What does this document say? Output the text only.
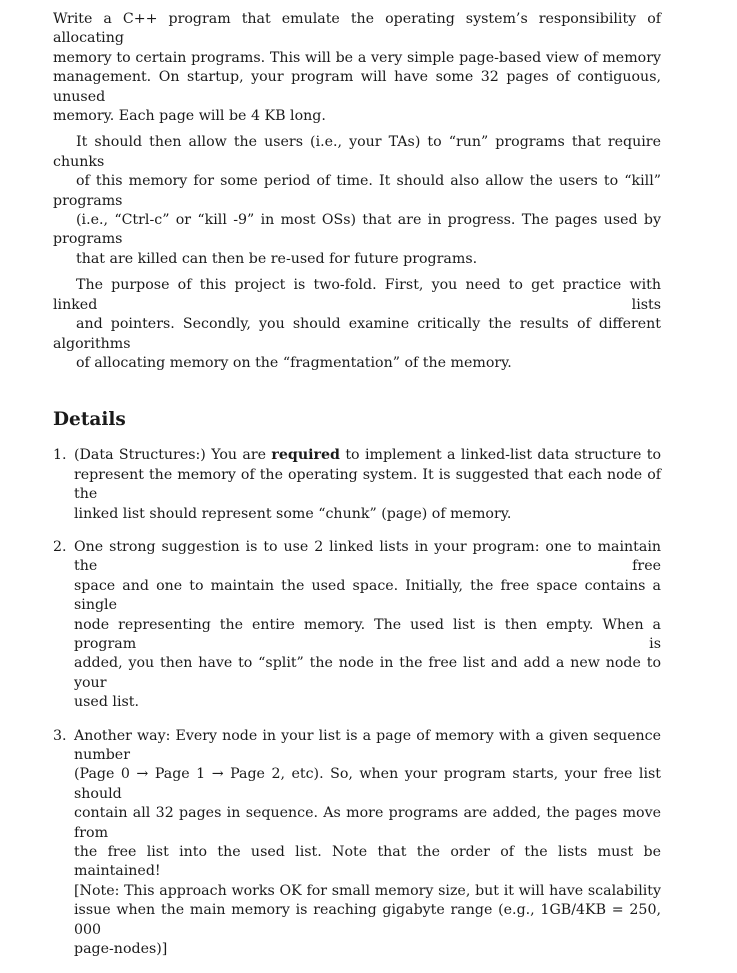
Write a C++ program that emulate the operating system’s responsibility of allocating
memory to certain programs. This will be a very simple page-based view of memory
management. On startup, your program will have some 32 pages of contiguous, unused
memory. Each page will be 4 KB long.

It should then allow the users (i.e., your TAs) to “run” programs that require chunks
of this memory for some period of time. It should also allow the users to “kill” programs
(i.e., “Ctrl-c” or “kill -9” in most OSs) that are in progress. The pages used by programs
that are killed can then be re-used for future programs.

The purpose of this project is two-fold. First, you need to get practice with linked lists
and pointers. Secondly, you should examine critically the results of different algorithms
of allocating memory on the “fragmentation” of the memory.

Details
1. (Data Structures:) You are required to implement a linked-list data structure to
represent the memory of the operating system. It is suggested that each node of the
linked list should represent some “chunk” (page) of memory.
2. One strong suggestion is to use 2 linked lists in your program: one to maintain the free
space and one to maintain the used space. Initially, the free space contains a single
node representing the entire memory. The used list is then empty. When a program is
added, you then have to “split” the node in the free list and add a new node to your
used list.
3. Another way: Every node in your list is a page of memory with a given sequence number
(Page 0 → Page 1 → Page 2, etc). So, when your program starts, your free list should
contain all 32 pages in sequence. As more programs are added, the pages move from
the free list into the used list. Note that the order of the lists must be maintained!
[Note: This approach works OK for small memory size, but it will have scalability
issue when the main memory is reaching gigabyte range (e.g., 1GB/4KB = 250, 000
page-nodes)]
